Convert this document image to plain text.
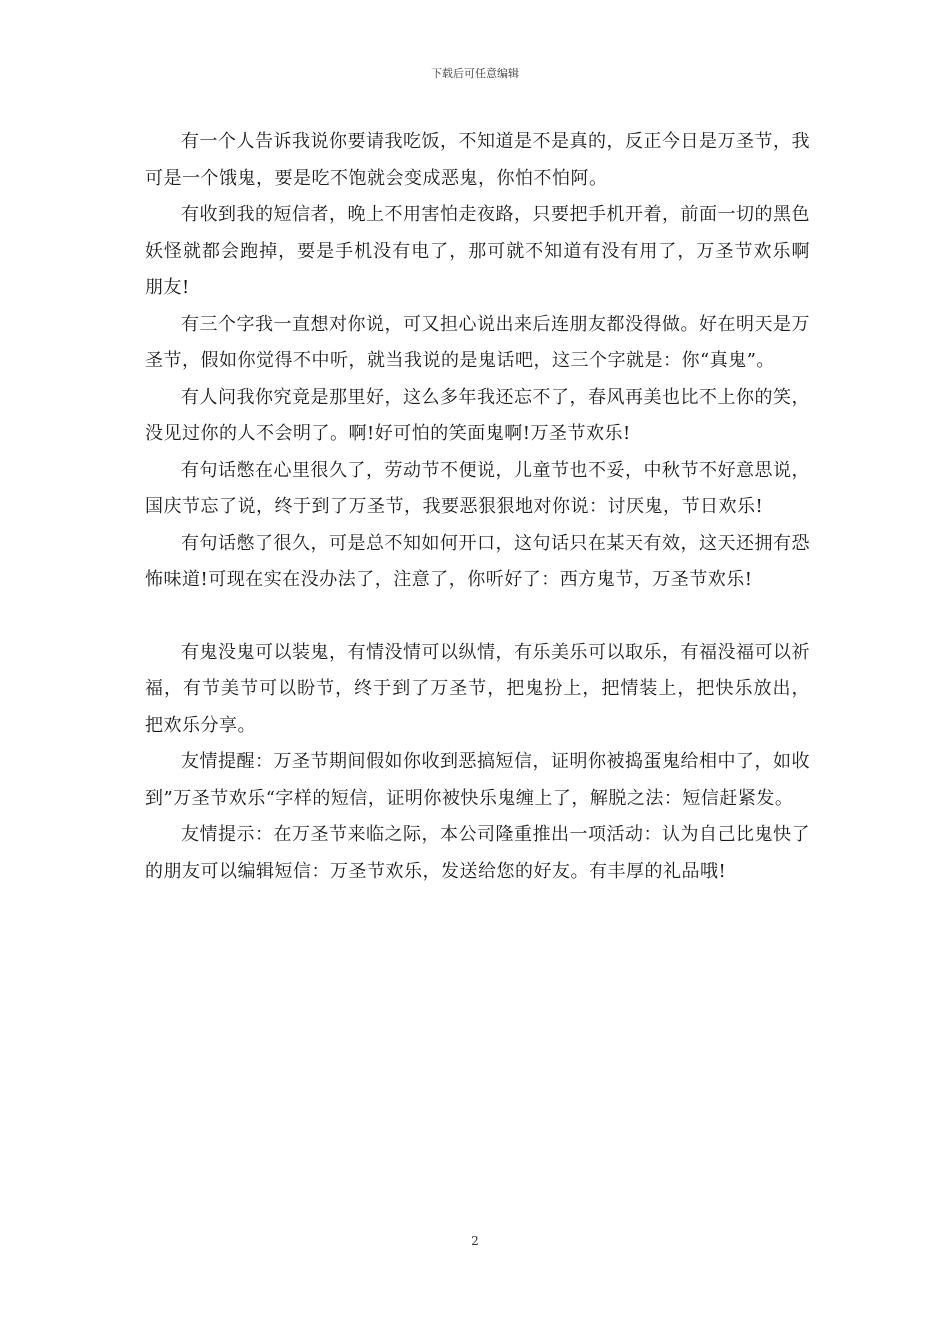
下载后可任意编辑

有一个人告诉我说你要请我吃饭，不知道是不是真的，反正今日是万圣节，我可是一个饿鬼，要是吃不饱就会变成恶鬼，你怕不怕阿。

有收到我的短信者，晚上不用害怕走夜路，只要把手机开着，前面一切的黑色妖怪就都会跑掉，要是手机没有电了，那可就不知道有没有用了，万圣节欢乐啊朋友!

有三个字我一直想对你说，可又担心说出来后连朋友都没得做。好在明天是万圣节，假如你觉得不中听，就当我说的是鬼话吧，这三个字就是：你“真鬼”。

有人问我你究竟是那里好，这么多年我还忘不了，春风再美也比不上你的笑，没见过你的人不会明了。啊!好可怕的笑面鬼啊!万圣节欢乐!

有句话憋在心里很久了，劳动节不便说，儿童节也不妥，中秋节不好意思说，国庆节忘了说，终于到了万圣节，我要恶狠狠地对你说：讨厌鬼，节日欢乐!

有句话憋了很久，可是总不知如何开口，这句话只在某天有效，这天还拥有恐怖味道!可现在实在没办法了，注意了，你听好了：西方鬼节，万圣节欢乐!

有鬼没鬼可以装鬼，有情没情可以纵情，有乐美乐可以取乐，有福没福可以祈福，有节美节可以盼节，终于到了万圣节，把鬼扮上，把情装上，把快乐放出，把欢乐分享。

友情提醒：万圣节期间假如你收到恶搞短信，证明你被捣蛋鬼给相中了，如收到”万圣节欢乐“字样的短信，证明你被快乐鬼缠上了，解脱之法：短信赶紧发。

友情提示：在万圣节来临之际，本公司隆重推出一项活动：认为自己比鬼快了的朋友可以编辑短信：万圣节欢乐，发送给您的好友。有丰厚的礼品哦!

2
